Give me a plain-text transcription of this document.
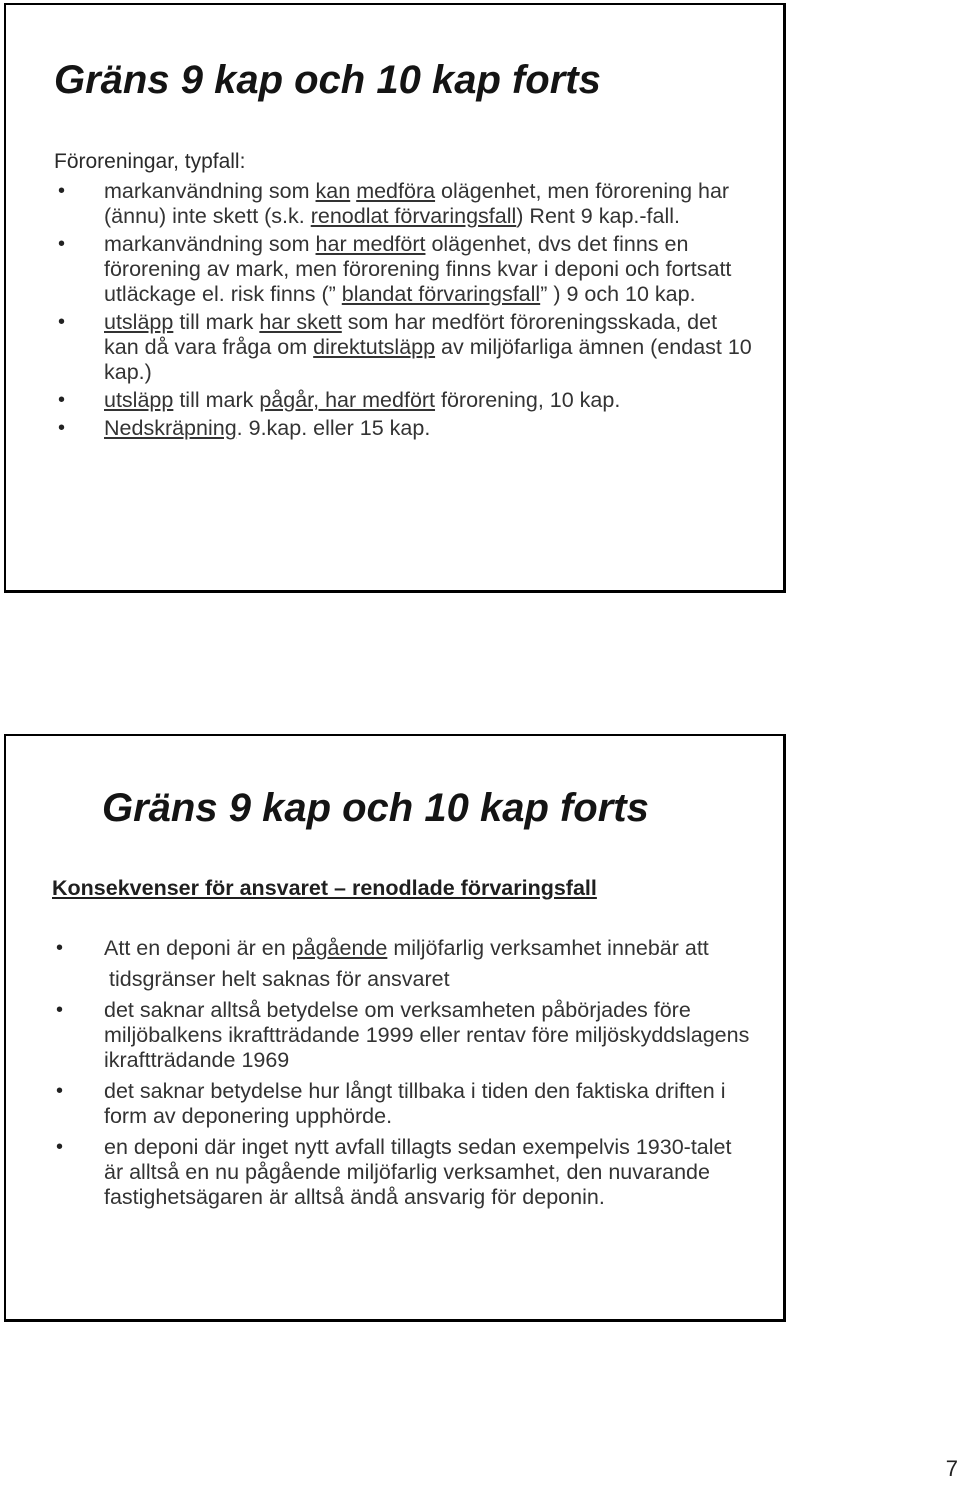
Gräns 9 kap och 10 kap forts

Föroreningar, typfall:

• markanvändning som kan medföra olägenhet, men förorening har (ännu) inte skett (s.k. renodlat förvaringsfall) Rent 9 kap.-fall.
• markanvändning som har medfört olägenhet, dvs det finns en förorening av mark, men förorening finns kvar i deponi och fortsatt utläckage el. risk finns (” blandat förvaringsfall” ) 9 och 10 kap.
• utsläpp till mark har skett som har medfört föroreningsskada, det kan då vara fråga om direktutsläpp av miljöfarliga ämnen (endast 10 kap.)
• utsläpp till mark pågår, har medfört förorening, 10 kap.
• Nedskräpning. 9.kap. eller 15 kap.
Gräns 9 kap och 10 kap forts

Konsekvenser för ansvaret – renodlade förvaringsfall

• Att en deponi är en pågående miljöfarlig verksamhet innebär att
tidsgränser helt saknas för ansvaret
• det saknar alltså betydelse om verksamheten påbörjades före miljöbalkens ikraftträdande 1999 eller rentav före miljöskyddslagens ikraftträdande 1969
• det saknar betydelse hur långt tillbaka i tiden den faktiska driften i form av deponering upphörde.
• en deponi där inget nytt avfall tillagts sedan exempelvis 1930-talet är alltså en nu pågående miljöfarlig verksamhet, den nuvarande fastighetsägaren är alltså ändå ansvarig för deponin.
7
